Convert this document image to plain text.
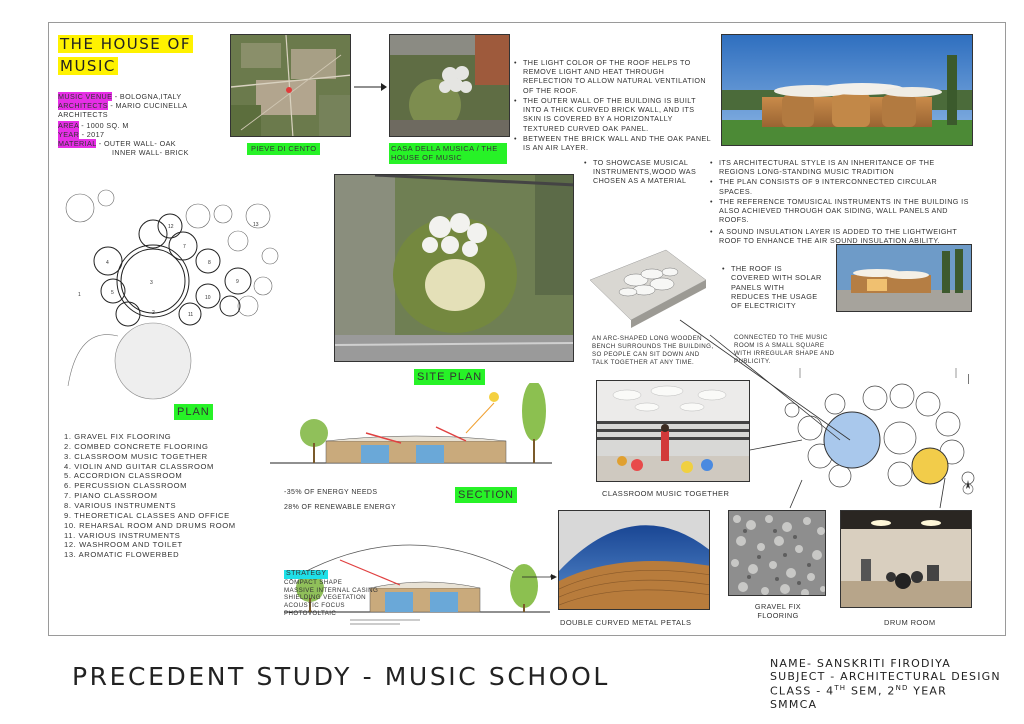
THE HOUSE OF MUSIC
MUSIC VENUE - BOLOGNA,ITALY
ARCHITECTS - MARIO CUCINELLA ARCHITECTS
AREA - 1000 SQ. M
YEAR - 2017
MATERIAL - OUTER WALL- OAK
INNER WALL- BRICK	PIEVE DI CENTO	CASA DELLA MUSICA / THE HOUSE OF MUSIC
• THE LIGHT COLOR OF THE ROOF HELPS TO REMOVE LIGHT AND HEAT THROUGH REFLECTION TO ALLOW NATURAL VENTILATION OF THE ROOF.
• THE OUTER WALL OF THE BUILDING IS BUILT INTO A THICK CURVED BRICK WALL, AND ITS SKIN IS COVERED BY A HORIZONTALLY TEXTURED CURVED OAK PANEL.
• BETWEEN THE BRICK WALL AND THE OAK PANEL IS AN AIR LAYER.
• TO SHOWCASE MUSICAL INSTRUMENTS,WOOD WAS CHOSEN AS A MATERIAL
• ITS ARCHITECTURAL STYLE IS AN INHERITANCE OF THE REGIONS LONG-STANDING MUSIC TRADITION
• THE PLAN CONSISTS OF 9 INTERCONNECTED CIRCULAR SPACES.
• THE REFERENCE TOMUSICAL INSTRUMENTS IN THE BUILDING IS ALSO ACHIEVED THROUGH OAK SIDING, WALL PANELS AND ROOFS.
• A SOUND INSULATION LAYER IS ADDED TO THE LIGHTWEIGHT ROOF TO ENHANCE THE AIR SOUND INSULATION ABILITY.
3
4
5
7
8
10
11
12
2
9
13
1
PLAN
1. GRAVEL FIX FLOORING
2. COMBED CONCRETE FLOORING
3. CLASSROOM MUSIC TOGETHER
4. VIOLIN AND GUITAR CLASSROOM
5. ACCORDION CLASSROOM
6. PERCUSSION CLASSROOM
7. PIANO CLASSROOM
8. VARIOUS INSTRUMENTS
9. THEORETICAL CLASSES AND OFFICE
10. REHARSAL ROOM AND DRUMS ROOM
11. VARIOUS INSTRUMENTS
12. WASHROOM AND TOILET
13. AROMATIC FLOWERBED
SITE PLAN
AN ARC-SHAPED LONG WOODEN BENCH SURROUNDS THE BUILDING, SO PEOPLE CAN SIT DOWN AND TALK TOGETHER AT ANY TIME.
• THE ROOF IS COVERED WITH SOLAR PANELS WITH REDUCES THE USAGE OF ELECTRICITY
CONNECTED TO THE MUSIC ROOM IS A SMALL SQUARE WITH IRREGULAR SHAPE AND PUBLICITY.
SECTION
-35% OF ENERGY NEEDS
28% OF RENEWABLE ENERGY
STRATEGY
COMPACT SHAPE
MASSIVE INTERNAL CASING
SHIELDING VEGETATION
ACOUSTIC FOCUS
PHOTOVOLTAIC
CLASSROOM MUSIC TOGETHER
DOUBLE CURVED METAL PETALS
GRAVEL FIX FLOORING
DRUM ROOM
PRECEDENT STUDY - MUSIC SCHOOL	NAME- SANSKRITI FIRODIYA
SUBJECT - ARCHITECTURAL DESIGN
CLASS - 4TH SEM, 2ND YEAR
SMMCA
